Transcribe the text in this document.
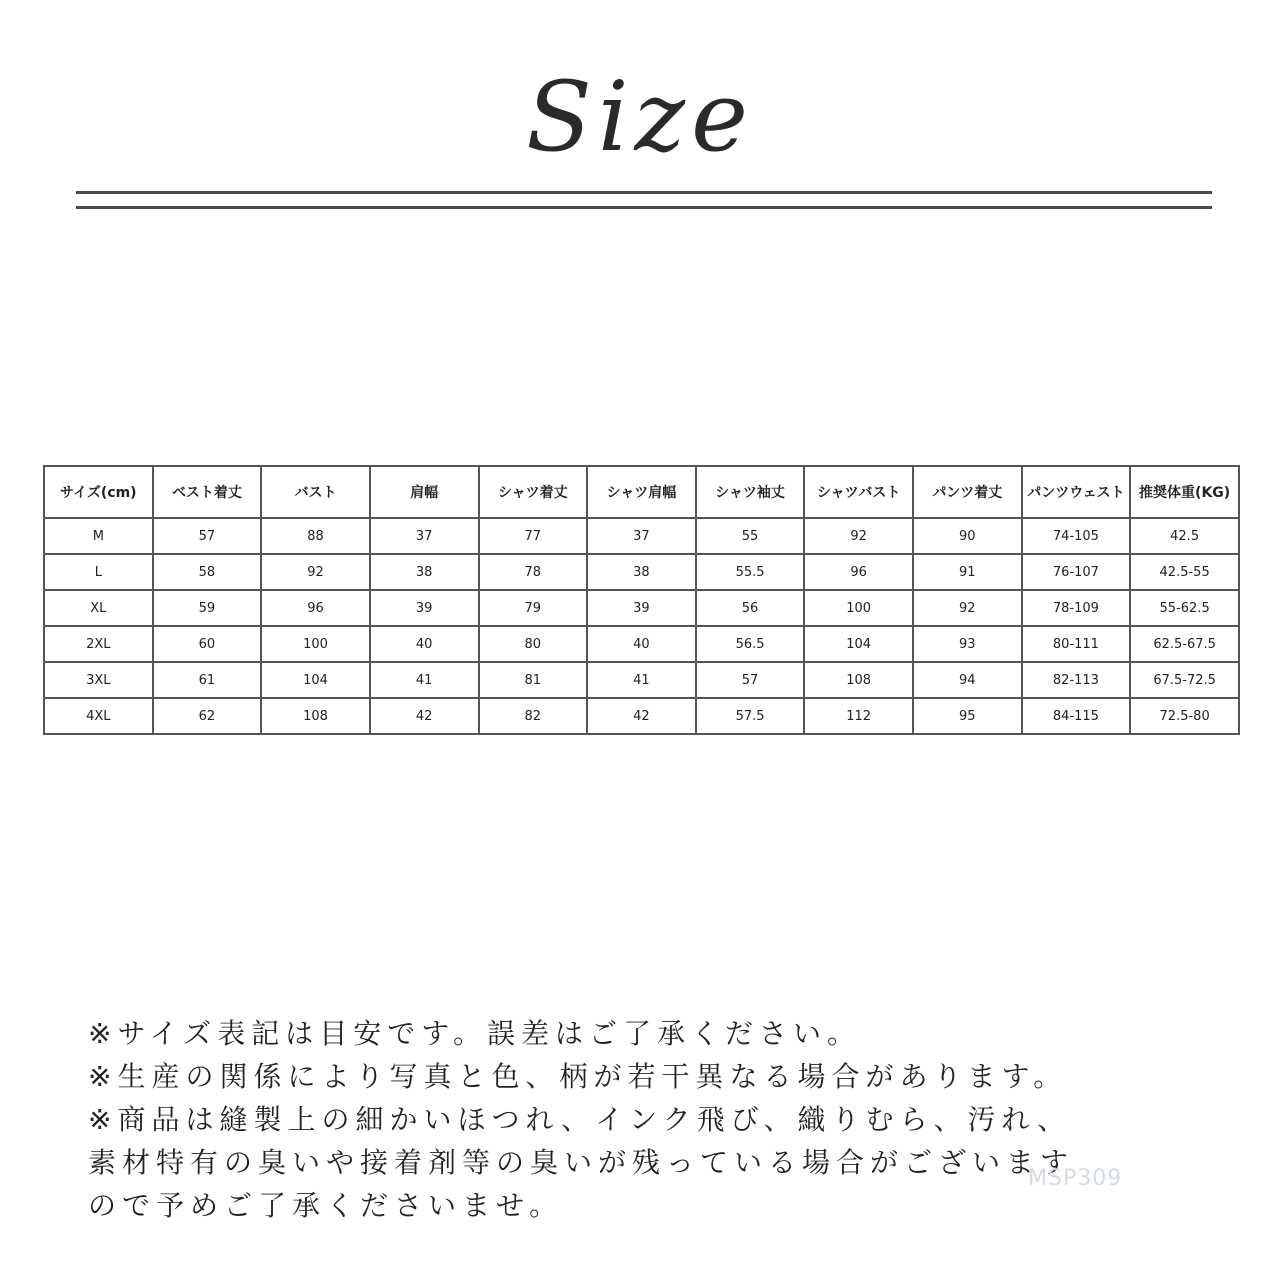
Size
サイズ(cm)	ベスト着丈	バスト	肩幅	シャツ着丈	シャツ肩幅	シャツ袖丈	シャツバスト	パンツ着丈	パンツウェスト	推奨体重(KG)
M	57	88	37	77	37	55	92	90	74-105	42.5
L	58	92	38	78	38	55.5	96	91	76-107	42.5-55
XL	59	96	39	79	39	56	100	92	78-109	55-62.5
2XL	60	100	40	80	40	56.5	104	93	80-111	62.5-67.5
3XL	61	104	41	81	41	57	108	94	82-113	67.5-72.5
4XL	62	108	42	82	42	57.5	112	95	84-115	72.5-80
※サイズ表記は目安です。誤差はご了承ください。
※生産の関係により写真と色、柄が若干異なる場合があります。
※商品は縫製上の細かいほつれ、インク飛び、織りむら、汚れ、
素材特有の臭いや接着剤等の臭いが残っている場合がございます
ので予めご了承くださいませ。
MSP309
